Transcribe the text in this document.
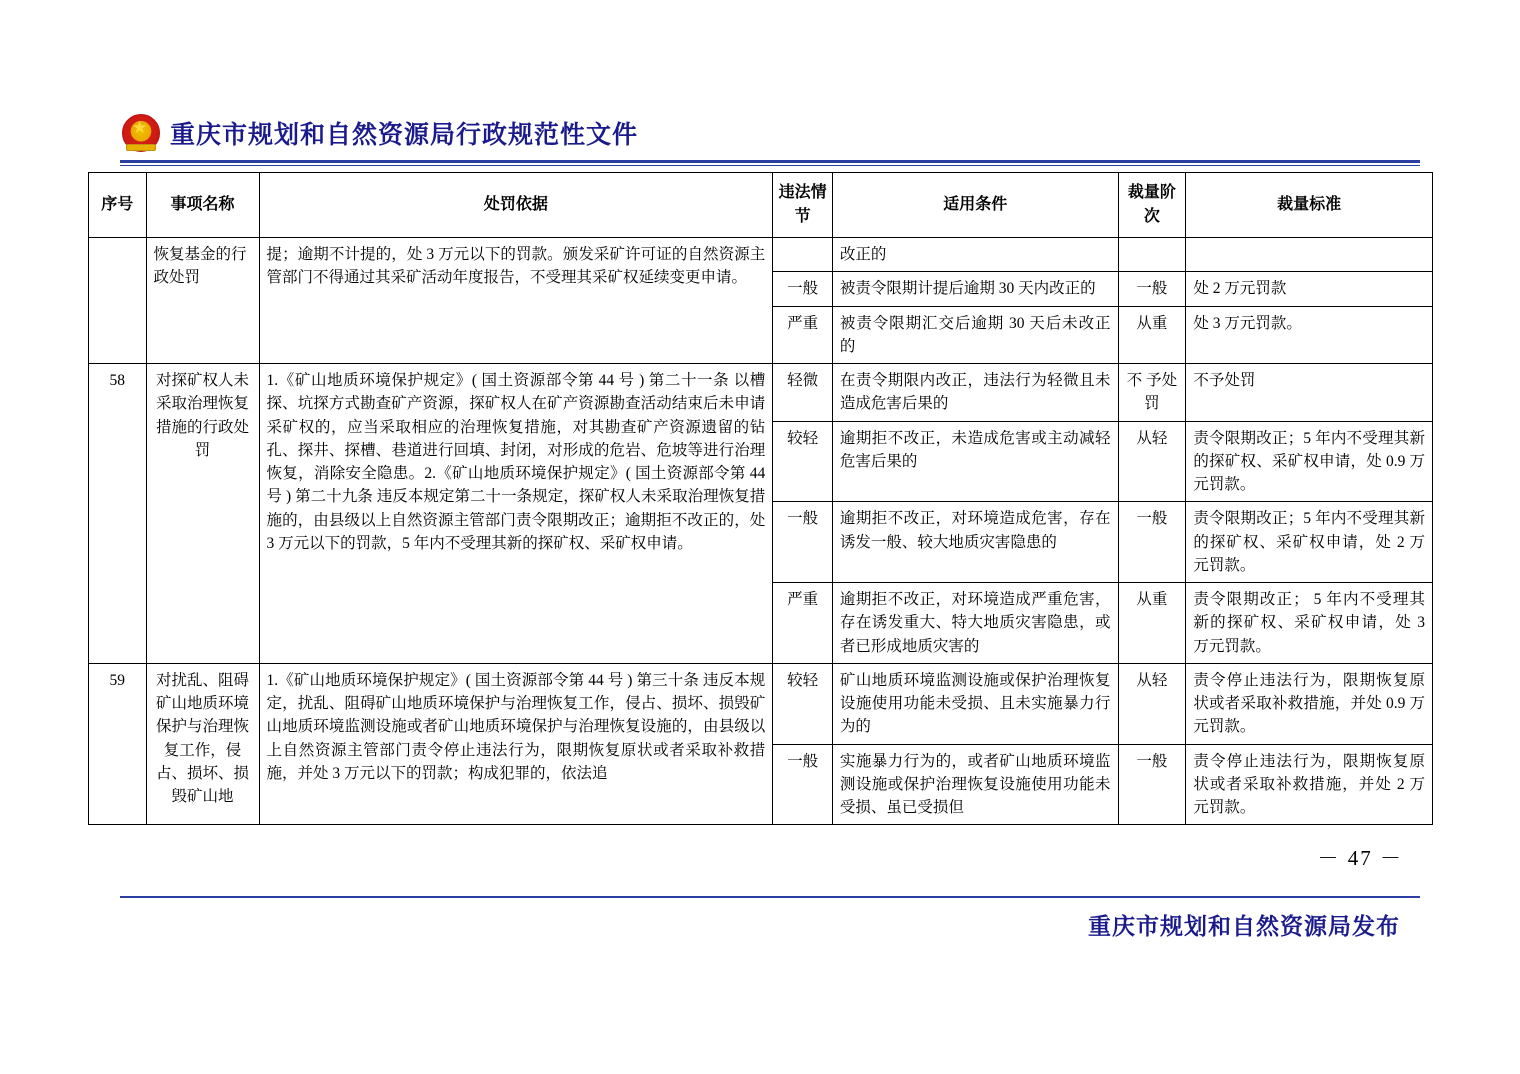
重庆市规划和自然资源局行政规范性文件
序号	事项名称	处罚依据	违法情节	适用条件	裁量阶次	裁量标准
	恢复基金的行政处罚	提；逾期不计提的，处 3 万元以下的罚款。颁发采矿许可证的自然资源主管部门不得通过其采矿活动年度报告，不受理其采矿权延续变更申请。		改正的		
			一般	被责令限期计提后逾期 30 天内改正的	一般	处 2 万元罚款
			严重	被责令限期汇交后逾期 30 天后未改正的	从重	处 3 万元罚款。
58	对探矿权人未采取治理恢复措施的行政处罚	1.《矿山地质环境保护规定》( 国土资源部令第 44 号 ) 第二十一条 以槽探、坑探方式勘查矿产资源，探矿权人在矿产资源勘查活动结束后未申请采矿权的，应当采取相应的治理恢复措施，对其勘查矿产资源遗留的钻孔、探井、探槽、巷道进行回填、封闭，对形成的危岩、危坡等进行治理恢复，消除安全隐患。2.《矿山地质环境保护规定》( 国土资源部令第 44 号 ) 第二十九条 违反本规定第二十一条规定，探矿权人未采取治理恢复措施的，由县级以上自然资源主管部门责令限期改正；逾期拒不改正的，处 3 万元以下的罚款，5 年内不受理其新的探矿权、采矿权申请。	轻微	在责令期限内改正，违法行为轻微且未造成危害后果的	不 予处罚	不予处罚
			较轻	逾期拒不改正，未造成危害或主动减轻危害后果的	从轻	责令限期改正；5 年内不受理其新的探矿权、采矿权申请，处 0.9 万元罚款。
			一般	逾期拒不改正，对环境造成危害，存在诱发一般、较大地质灾害隐患的	一般	责令限期改正；5 年内不受理其新的探矿权、采矿权申请，处 2 万元罚款。
			严重	逾期拒不改正，对环境造成严重危害，存在诱发重大、特大地质灾害隐患，或者已形成地质灾害的	从重	责令限期改正； 5 年内不受理其新的探矿权、采矿权申请，处 3 万元罚款。
59	对扰乱、阻碍矿山地质环境保护与治理恢复工作，侵占、损坏、损毁矿山地	1.《矿山地质环境保护规定》( 国土资源部令第 44 号 ) 第三十条 违反本规定，扰乱、阻碍矿山地质环境保护与治理恢复工作，侵占、损坏、损毁矿山地质环境监测设施或者矿山地质环境保护与治理恢复设施的，由县级以上自然资源主管部门责令停止违法行为，限期恢复原状或者采取补救措施，并处 3 万元以下的罚款；构成犯罪的，依法追	较轻	矿山地质环境监测设施或保护治理恢复设施使用功能未受损、且未实施暴力行为的	从轻	责令停止违法行为，限期恢复原状或者采取补救措施，并处 0.9 万元罚款。
			一般	实施暴力行为的，或者矿山地质环境监测设施或保护治理恢复设施使用功能未受损、虽已受损但	一般	责令停止违法行为，限期恢复原状或者采取补救措施，并处 2 万元罚款。
－ 47 －
重庆市规划和自然资源局发布
